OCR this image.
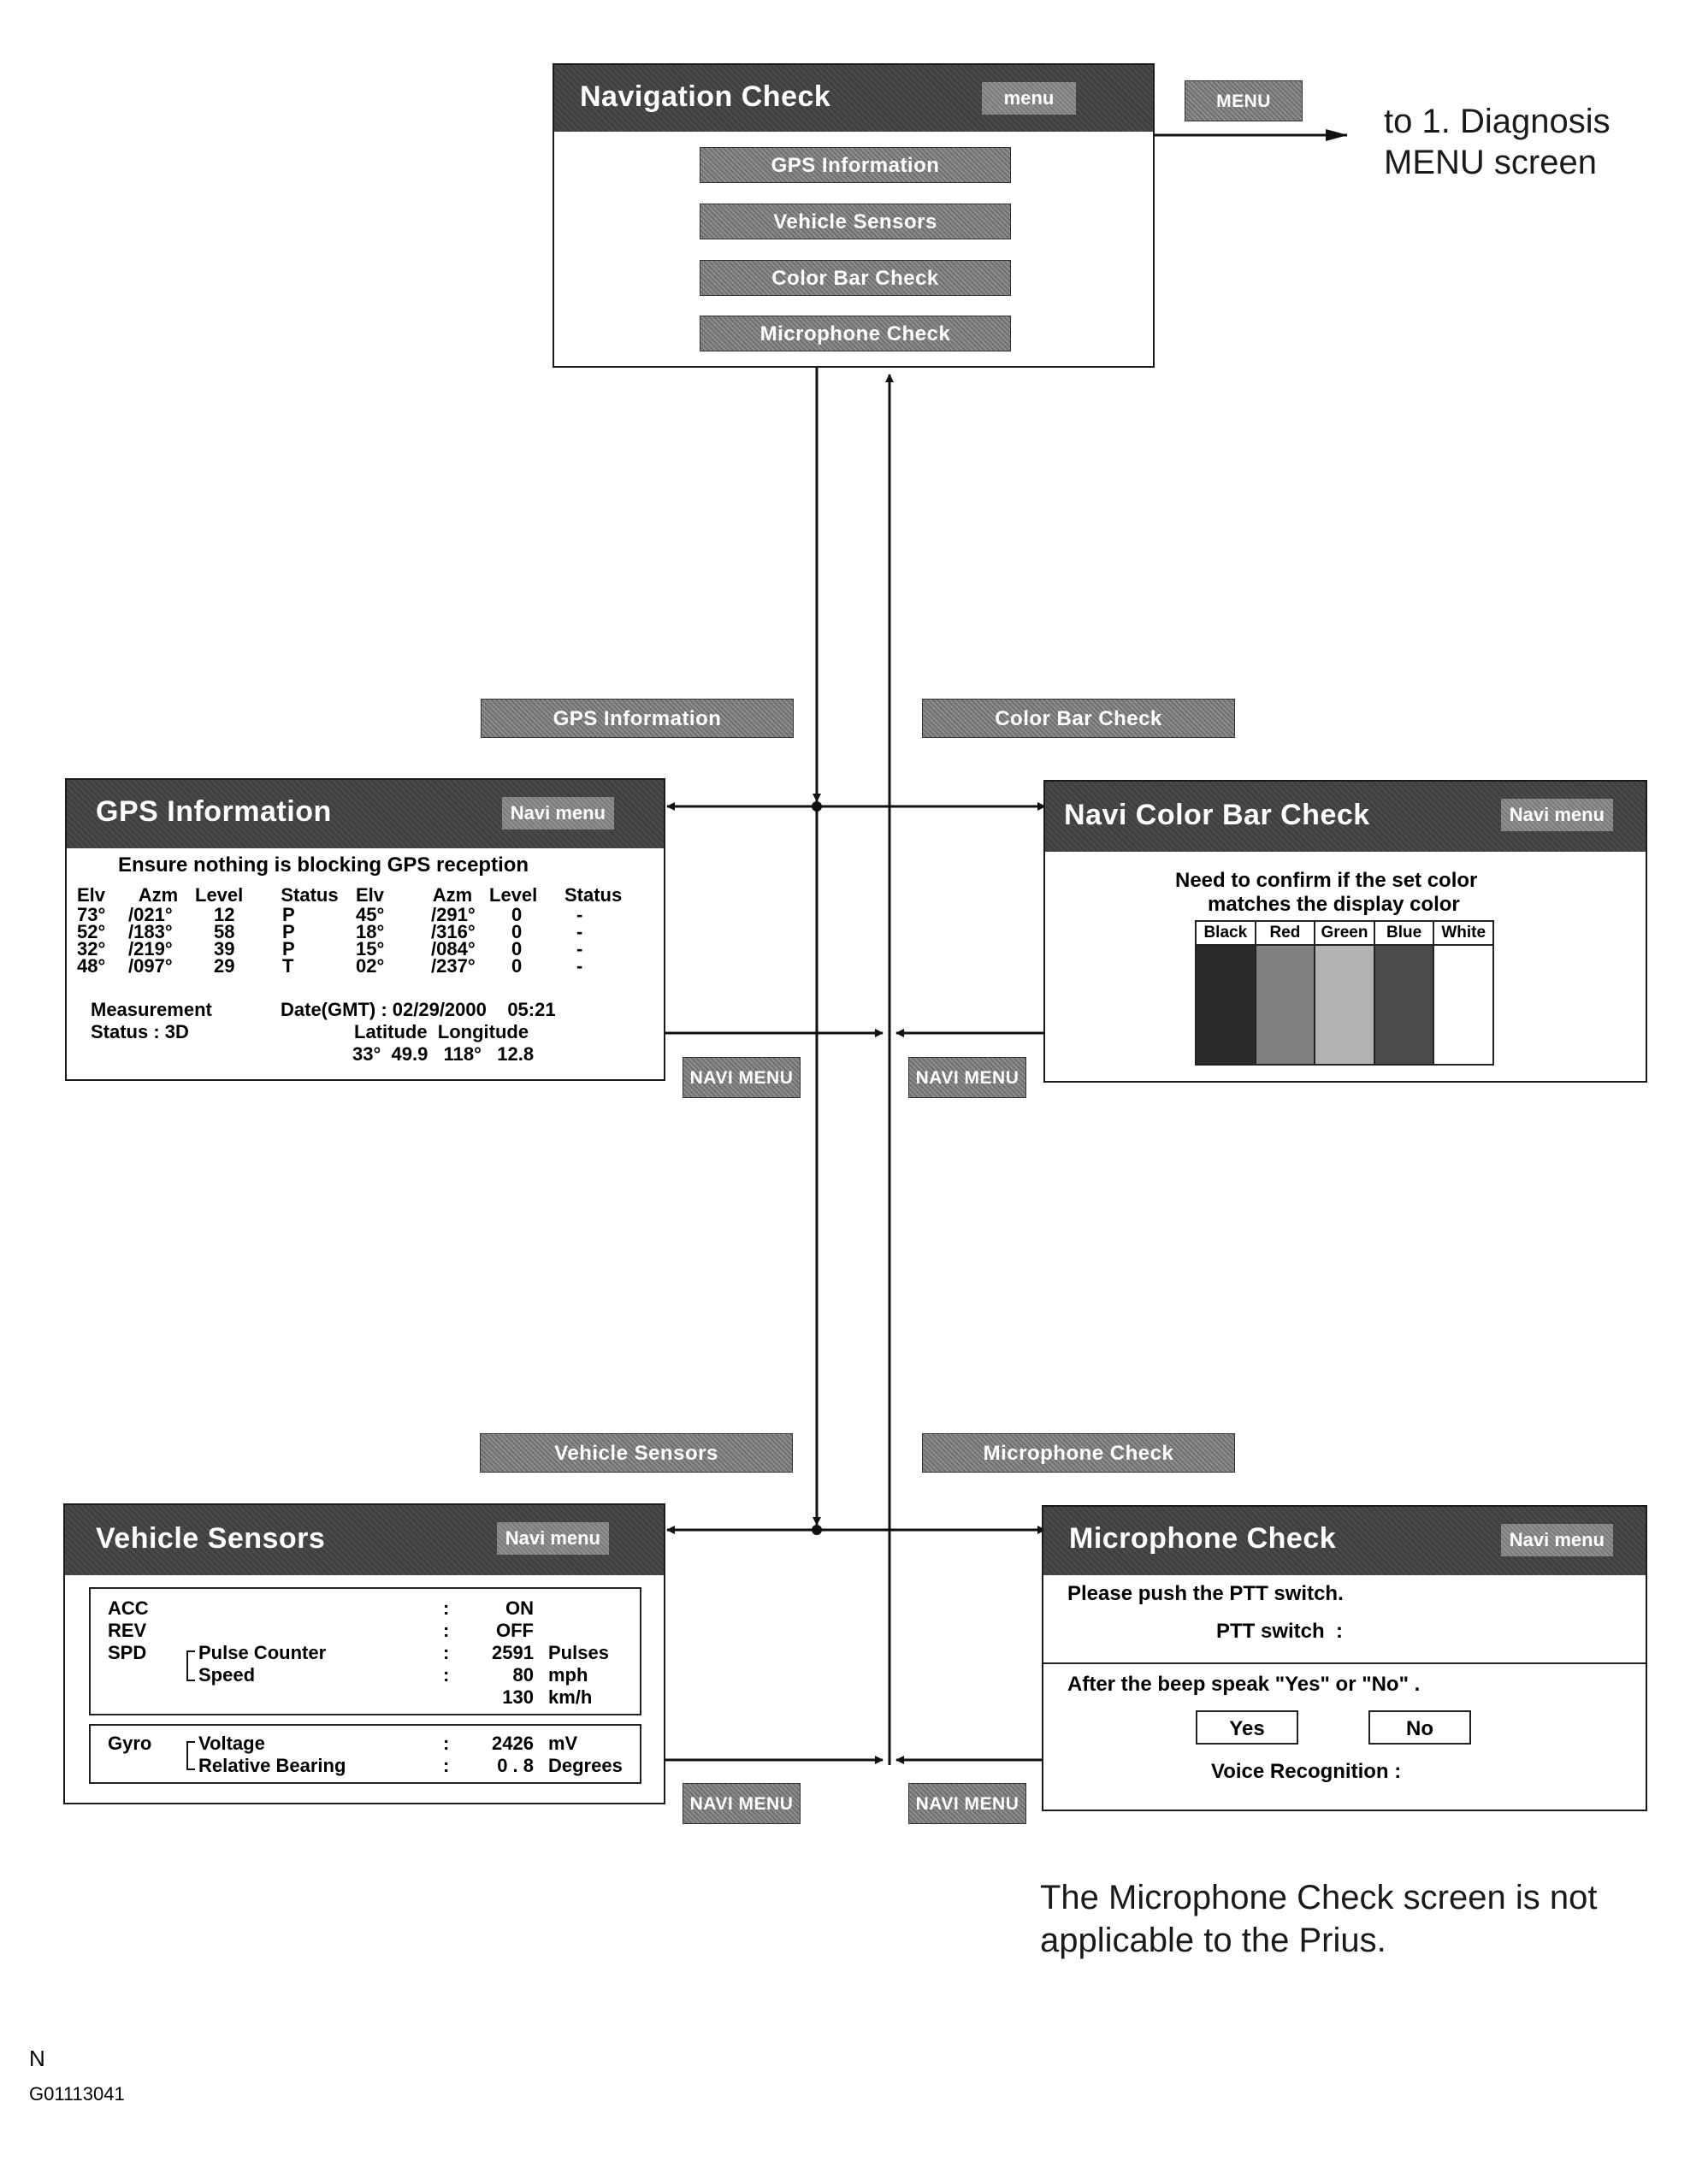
Navigation Check	menu
GPS Information
Vehicle Sensors
Color Bar Check
Microphone Check
MENU
to 1. Diagnosis
MENU screen
GPS Information	Color Bar Check
Vehicle Sensors	Microphone Check
GPS Information	Navi menu
Ensure nothing is blocking GPS reception
Elv	Azm	Level	Status	Elv	Azm	Level	Status
73°	/021°	12	P	45°	/291°	0	-
52°	/183°	58	P	18°	/316°	0	-
32°	/219°	39	P	15°	/084°	0	-
48°	/097°	29	T	02°	/237°	0	-
Measurement	Date(GMT) : 02/29/2000    05:21
Status : 3D	Latitude  Longitude
33°  49.9   118°   12.8
Navi Color Bar Check	Navi menu
Need to confirm if the set color
matches the display color
Black	Red	Green	Blue	White
NAVI MENU	NAVI MENU
NAVI MENU	NAVI MENU
Vehicle Sensors	Navi menu
ACC	:	ON
REV	:	OFF
SPD	Pulse Counter	:	2591 Pulses
Speed	:	80 mph
130 km/h
Gyro Voltage	:	2426 mV
Relative Bearing	:	0 . 8 Degrees
Microphone Check	Navi menu
Please push the PTT switch.
PTT switch  :
After the beep speak "Yes" or "No" .
Yes	No
Voice Recognition :
The Microphone Check screen is not applicable to the Prius.
N
G01113041
